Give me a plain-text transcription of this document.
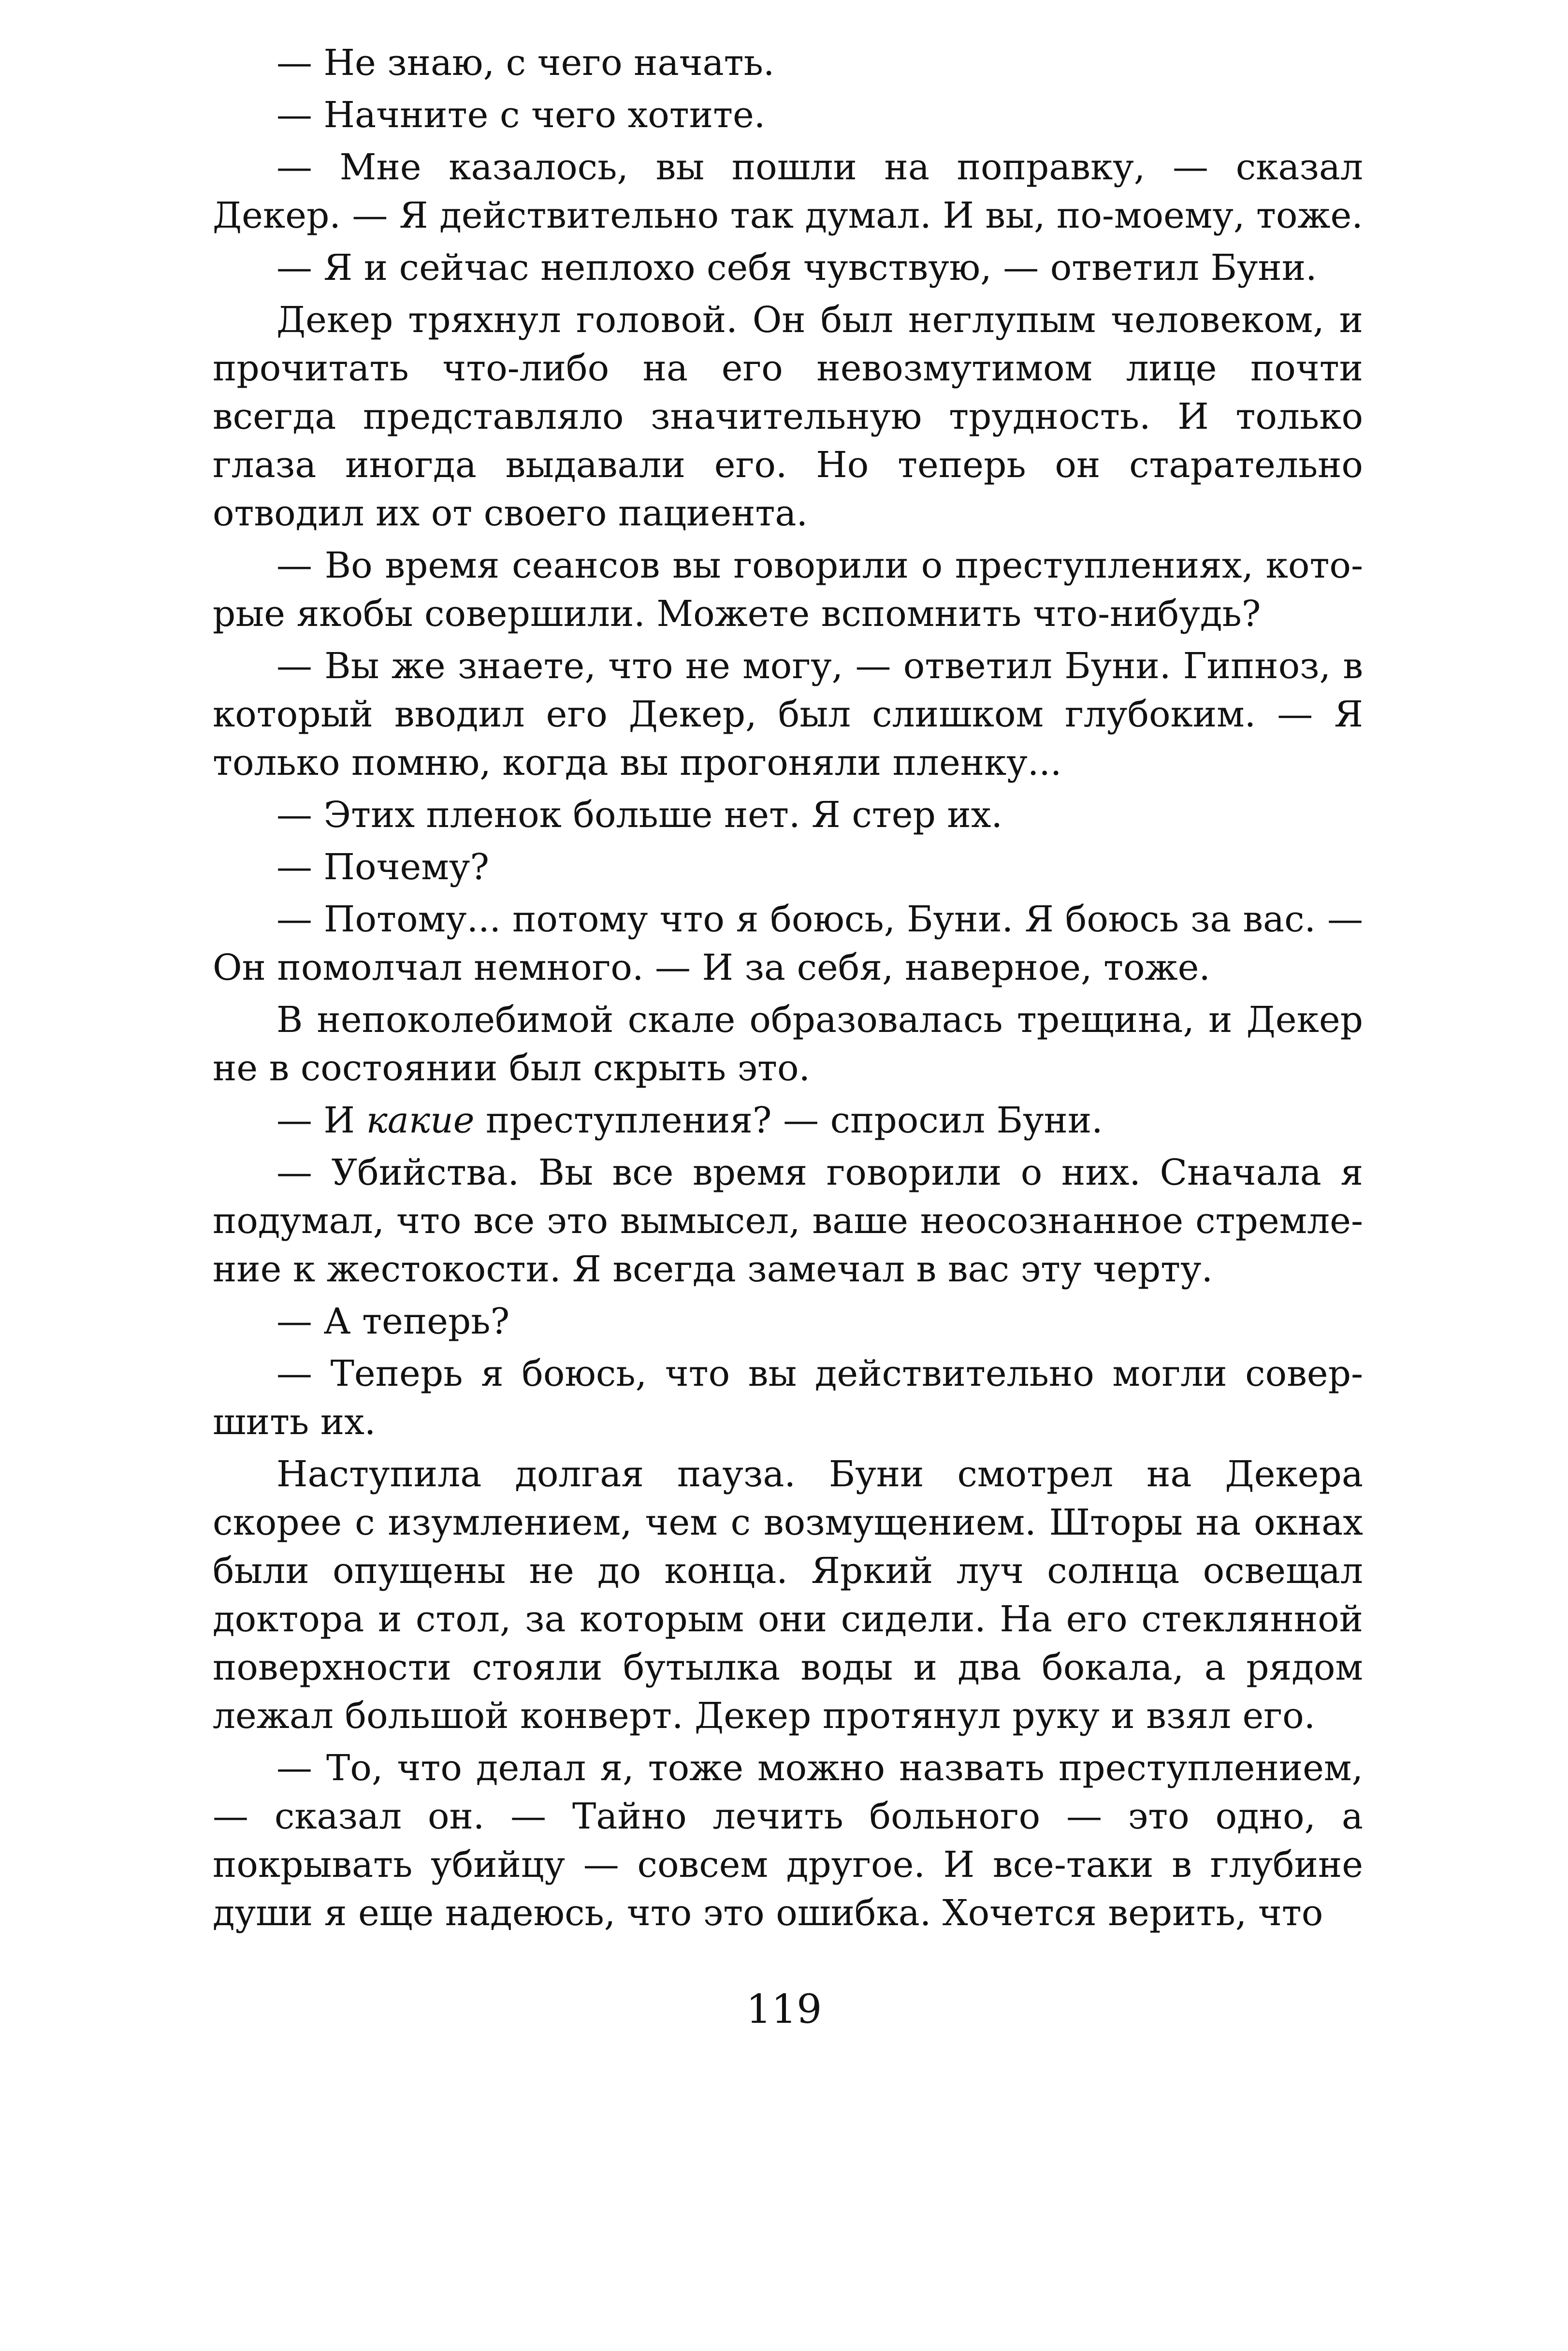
— Не знаю, с чего начать.

— Начните с чего хотите.

— Мне казалось, вы пошли на поправку, — сказал Декер. — Я действительно так думал. И вы, по-моему, тоже.

— Я и сейчас неплохо себя чувствую, — ответил Буни.

Декер тряхнул головой. Он был неглупым человеком, и прочитать что-либо на его невозмутимом лице почти всегда представляло значительную трудность. И только глаза иногда выдавали его. Но теперь он старательно отводил их от своего пациента.

— Во время сеансов вы говорили о преступлениях, которые якобы совершили. Можете вспомнить что-нибудь?

— Вы же знаете, что не могу, — ответил Буни. Гипноз, в который вводил его Декер, был слишком глубоким. — Я только помню, когда вы прогоняли пленку...

— Этих пленок больше нет. Я стер их.

— Почему?

— Потому... потому что я боюсь, Буни. Я боюсь за вас. — Он помолчал немного. — И за себя, наверное, тоже.

В непоколебимой скале образовалась трещина, и Декер не в состоянии был скрыть это.

— И какие преступления? — спросил Буни.

— Убийства. Вы все время говорили о них. Сначала я подумал, что все это вымысел, ваше неосознанное стремление к жестокости. Я всегда замечал в вас эту черту.

— А теперь?

— Теперь я боюсь, что вы действительно могли совершить их.

Наступила долгая пауза. Буни смотрел на Декера скорее с изумлением, чем с возмущением. Шторы на окнах были опущены не до конца. Яркий луч солнца освещал доктора и стол, за которым они сидели. На его стеклянной поверхности стояли бутылка воды и два бокала, а рядом лежал большой конверт. Декер протянул руку и взял его.

— То, что делал я, тоже можно назвать преступлением, — сказал он. — Тайно лечить больного — это одно, а покрывать убийцу — совсем другое. И все-таки в глубине души я еще надеюсь, что это ошибка. Хочется верить, что

119
